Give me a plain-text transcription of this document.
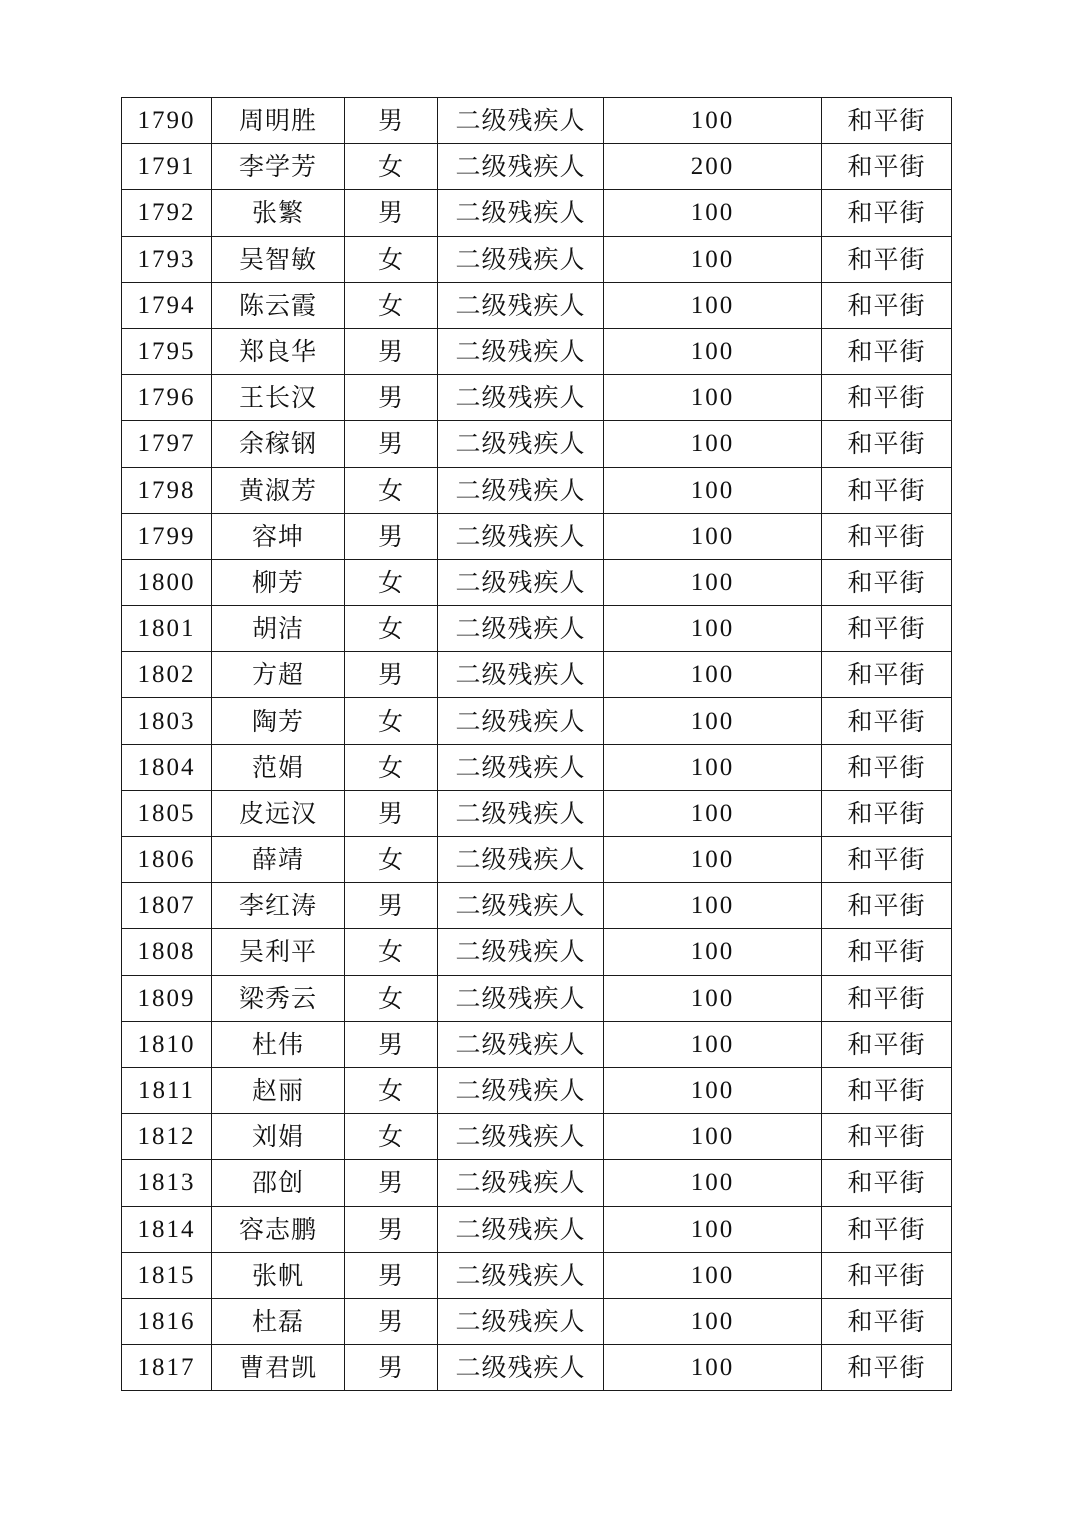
1790	周明胜	男	二级残疾人	100	和平街
1791	李学芳	女	二级残疾人	200	和平街
1792	张繁	男	二级残疾人	100	和平街
1793	吴智敏	女	二级残疾人	100	和平街
1794	陈云霞	女	二级残疾人	100	和平街
1795	郑良华	男	二级残疾人	100	和平街
1796	王长汉	男	二级残疾人	100	和平街
1797	余稼钢	男	二级残疾人	100	和平街
1798	黄淑芳	女	二级残疾人	100	和平街
1799	容坤	男	二级残疾人	100	和平街
1800	柳芳	女	二级残疾人	100	和平街
1801	胡洁	女	二级残疾人	100	和平街
1802	方超	男	二级残疾人	100	和平街
1803	陶芳	女	二级残疾人	100	和平街
1804	范娟	女	二级残疾人	100	和平街
1805	皮远汉	男	二级残疾人	100	和平街
1806	薛靖	女	二级残疾人	100	和平街
1807	李红涛	男	二级残疾人	100	和平街
1808	吴利平	女	二级残疾人	100	和平街
1809	梁秀云	女	二级残疾人	100	和平街
1810	杜伟	男	二级残疾人	100	和平街
1811	赵丽	女	二级残疾人	100	和平街
1812	刘娟	女	二级残疾人	100	和平街
1813	邵创	男	二级残疾人	100	和平街
1814	容志鹏	男	二级残疾人	100	和平街
1815	张帆	男	二级残疾人	100	和平街
1816	杜磊	男	二级残疾人	100	和平街
1817	曹君凯	男	二级残疾人	100	和平街
